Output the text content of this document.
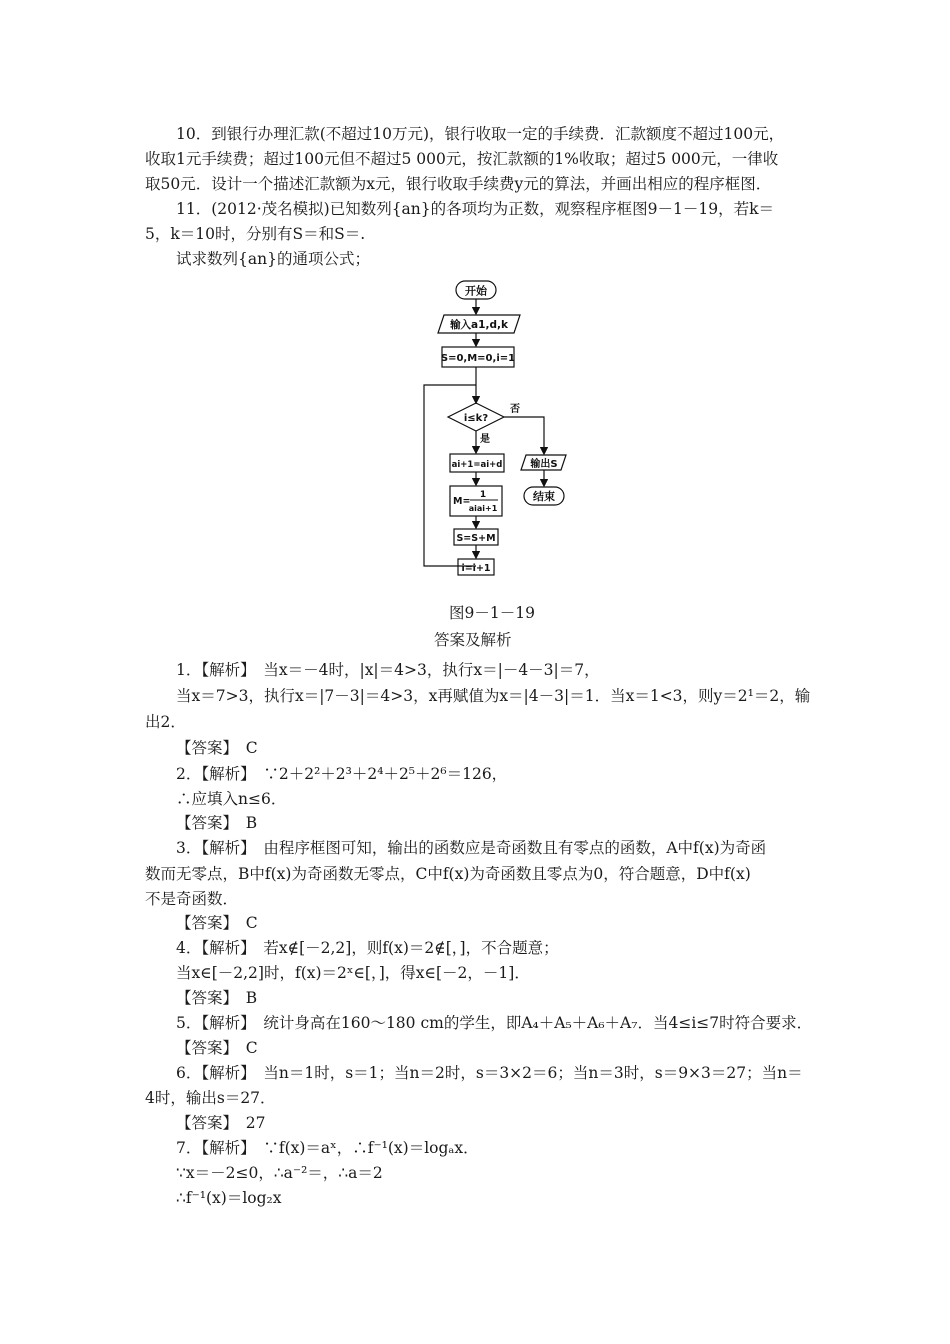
10．到银行办理汇款(不超过10万元)，银行收取一定的手续费．汇款额度不超过100元，
收取1元手续费；超过100元但不超过5 000元，按汇款额的1%收取；超过5 000元，一律收
取50元．设计一个描述汇款额为x元，银行收取手续费y元的算法，并画出相应的程序框图．
11．(2012·茂名模拟)已知数列{an}的各项均为正数，观察程序框图9－1－19，若k＝
5，k＝10时，分别有S＝和S＝.
试求数列{an}的通项公式；
开始
输入a1,d,k
S=0,M=0,i=1
i≤k?
否
是
ai+1=ai+d
M=
1
aiai+1
S=S+M
i=i+1
输出S
结束
图9－1－19
答案及解析
1．【解析】　当x＝－4时，|x|＝4>3，执行x＝|－4－3|＝7，
当x＝7>3，执行x＝|7－3|＝4>3，x再赋值为x＝|4－3|＝1．当x＝1<3，则y＝2¹＝2，输
出2．
【答案】　C
2．【解析】　∵2＋2²＋2³＋2⁴＋2⁵＋2⁶＝126，
∴应填入n≤6．
【答案】　B
3．【解析】　由程序框图可知，输出的函数应是奇函数且有零点的函数，A中f(x)为奇函
数而无零点，B中f(x)为奇函数无零点，C中f(x)为奇函数且零点为0，符合题意，D中f(x)
不是奇函数．
【答案】　C
4．【解析】　若x∉[－2,2]，则f(x)＝2∉[，]，不合题意；
当x∈[－2,2]时，f(x)＝2ˣ∈[，]，得x∈[－2，－1]．
【答案】　B
5．【解析】　统计身高在160～180 cm的学生，即A₄＋A₅＋A₆＋A₇．当4≤i≤7时符合要求．
【答案】　C
6．【解析】　当n＝1时，s＝1；当n＝2时，s＝3×2＝6；当n＝3时，s＝9×3＝27；当n＝
4时，输出s＝27．
【答案】　27
7．【解析】　∵f(x)＝aˣ，∴f⁻¹(x)＝logₐx．
∵x＝－2≤0，∴a⁻²＝，∴a＝2
∴f⁻¹(x)＝log₂x
